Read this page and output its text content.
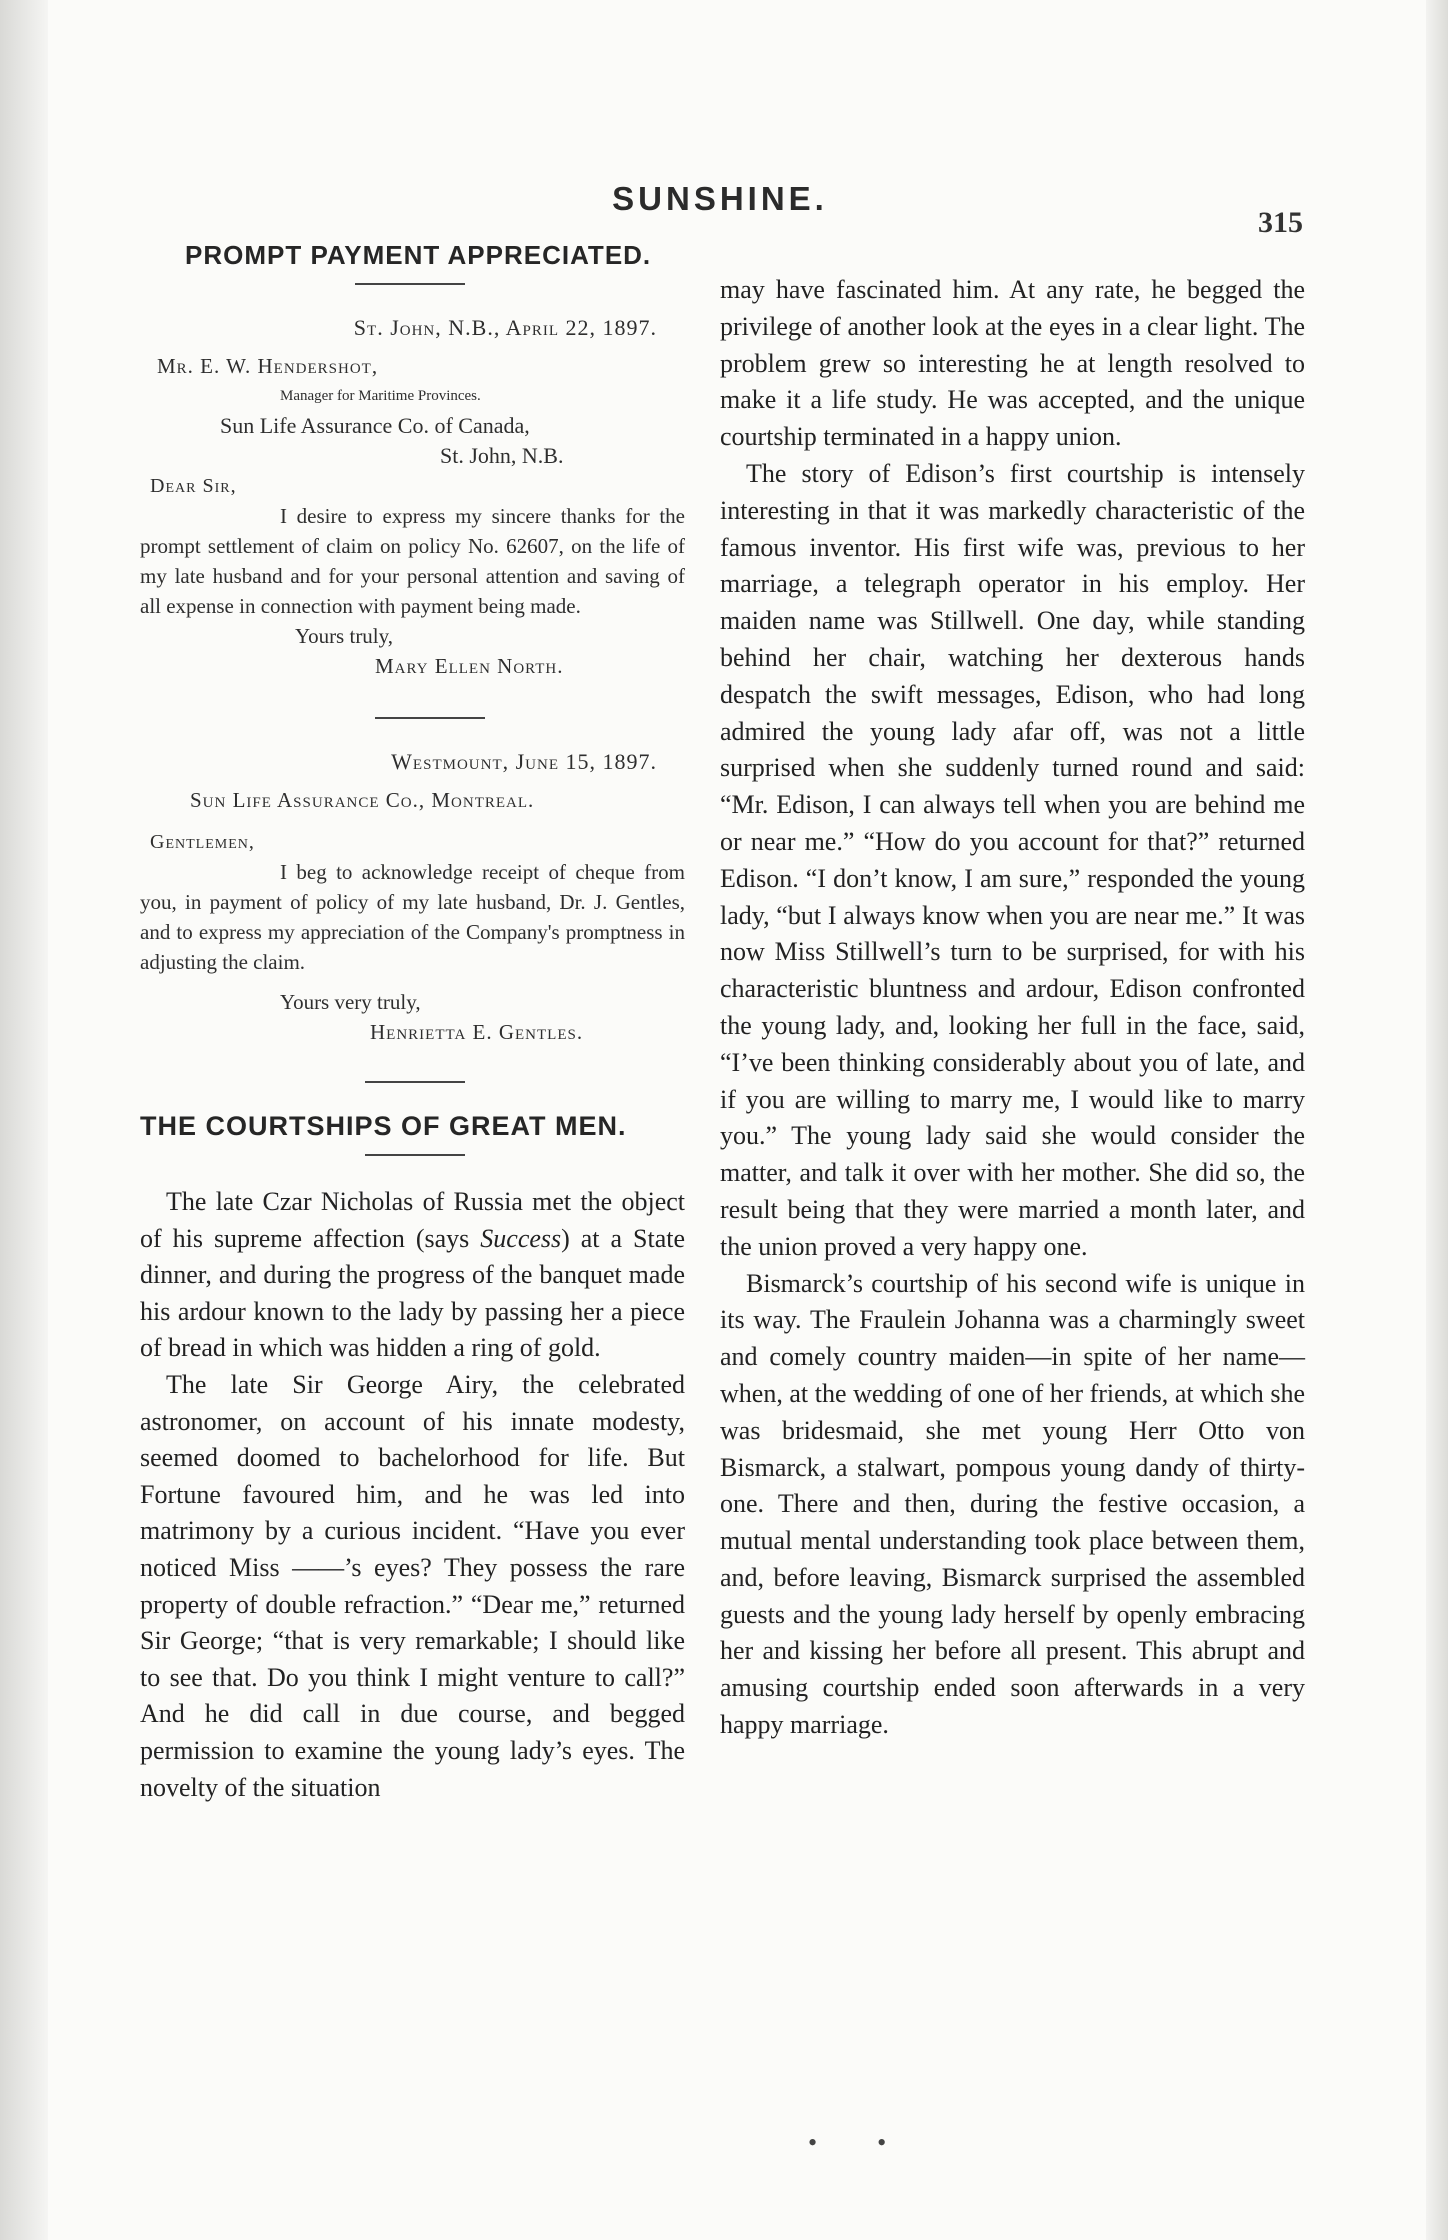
SUNSHINE.
315
PROMPT PAYMENT APPRECIATED.

St. John, N.B., April 22, 1897.

Mr. E. W. Hendershot,

Manager for Maritime Provinces.

Sun Life Assurance Co. of Canada,

St. John, N.B.

Dear Sir,

I desire to express my sincere thanks for the prompt settlement of claim on policy No. 62607, on the life of my late husband and for your personal attention and saving of all expense in connection with payment being made.

Yours truly,

Mary Ellen North.

Westmount, June 15, 1897.

Sun Life Assurance Co., Montreal.

Gentlemen,

I beg to acknowledge receipt of cheque from you, in payment of policy of my late husband, Dr. J. Gentles, and to express my appreciation of the Company's promptness in adjusting the claim.

Yours very truly,

Henrietta E. Gentles.

THE COURTSHIPS OF GREAT MEN.

The late Czar Nicholas of Russia met the object of his supreme affection (says Success) at a State dinner, and during the progress of the banquet made his ardour known to the lady by passing her a piece of bread in which was hidden a ring of gold.

The late Sir George Airy, the celebrated astronomer, on account of his innate modesty, seemed doomed to bachelorhood for life. But Fortune favoured him, and he was led into matrimony by a curious incident. “Have you ever noticed Miss ——’s eyes? They possess the rare property of double refraction.” “Dear me,” returned Sir George; “that is very remarkable; I should like to see that. Do you think I might venture to call?” And he did call in due course, and begged permission to examine the young lady’s eyes. The novelty of the situation

may have fascinated him. At any rate, he begged the privilege of another look at the eyes in a clear light. The problem grew so interesting he at length resolved to make it a life study. He was accepted, and the unique courtship terminated in a happy union.

The story of Edison’s first courtship is intensely interesting in that it was markedly characteristic of the famous inventor. His first wife was, previous to her marriage, a telegraph operator in his employ. Her maiden name was Stillwell. One day, while standing behind her chair, watching her dexterous hands despatch the swift messages, Edison, who had long admired the young lady afar off, was not a little surprised when she suddenly turned round and said: “Mr. Edison, I can always tell when you are behind me or near me.” “How do you account for that?” returned Edison. “I don’t know, I am sure,” responded the young lady, “but I always know when you are near me.” It was now Miss Stillwell’s turn to be surprised, for with his characteristic bluntness and ardour, Edison confronted the young lady, and, looking her full in the face, said, “I’ve been thinking considerably about you of late, and if you are willing to marry me, I would like to marry you.” The young lady said she would consider the matter, and talk it over with her mother. She did so, the result being that they were married a month later, and the union proved a very happy one.

Bismarck’s courtship of his second wife is unique in its way. The Fraulein Johanna was a charmingly sweet and comely country maiden—in spite of her name—when, at the wedding of one of her friends, at which she was bridesmaid, she met young Herr Otto von Bismarck, a stalwart, pompous young dandy of thirty-one. There and then, during the festive occasion, a mutual mental understanding took place between them, and, before leaving, Bismarck surprised the assembled guests and the young lady herself by openly embracing her and kissing her before all present. This abrupt and amusing courtship ended soon afterwards in a very happy marriage.

••
